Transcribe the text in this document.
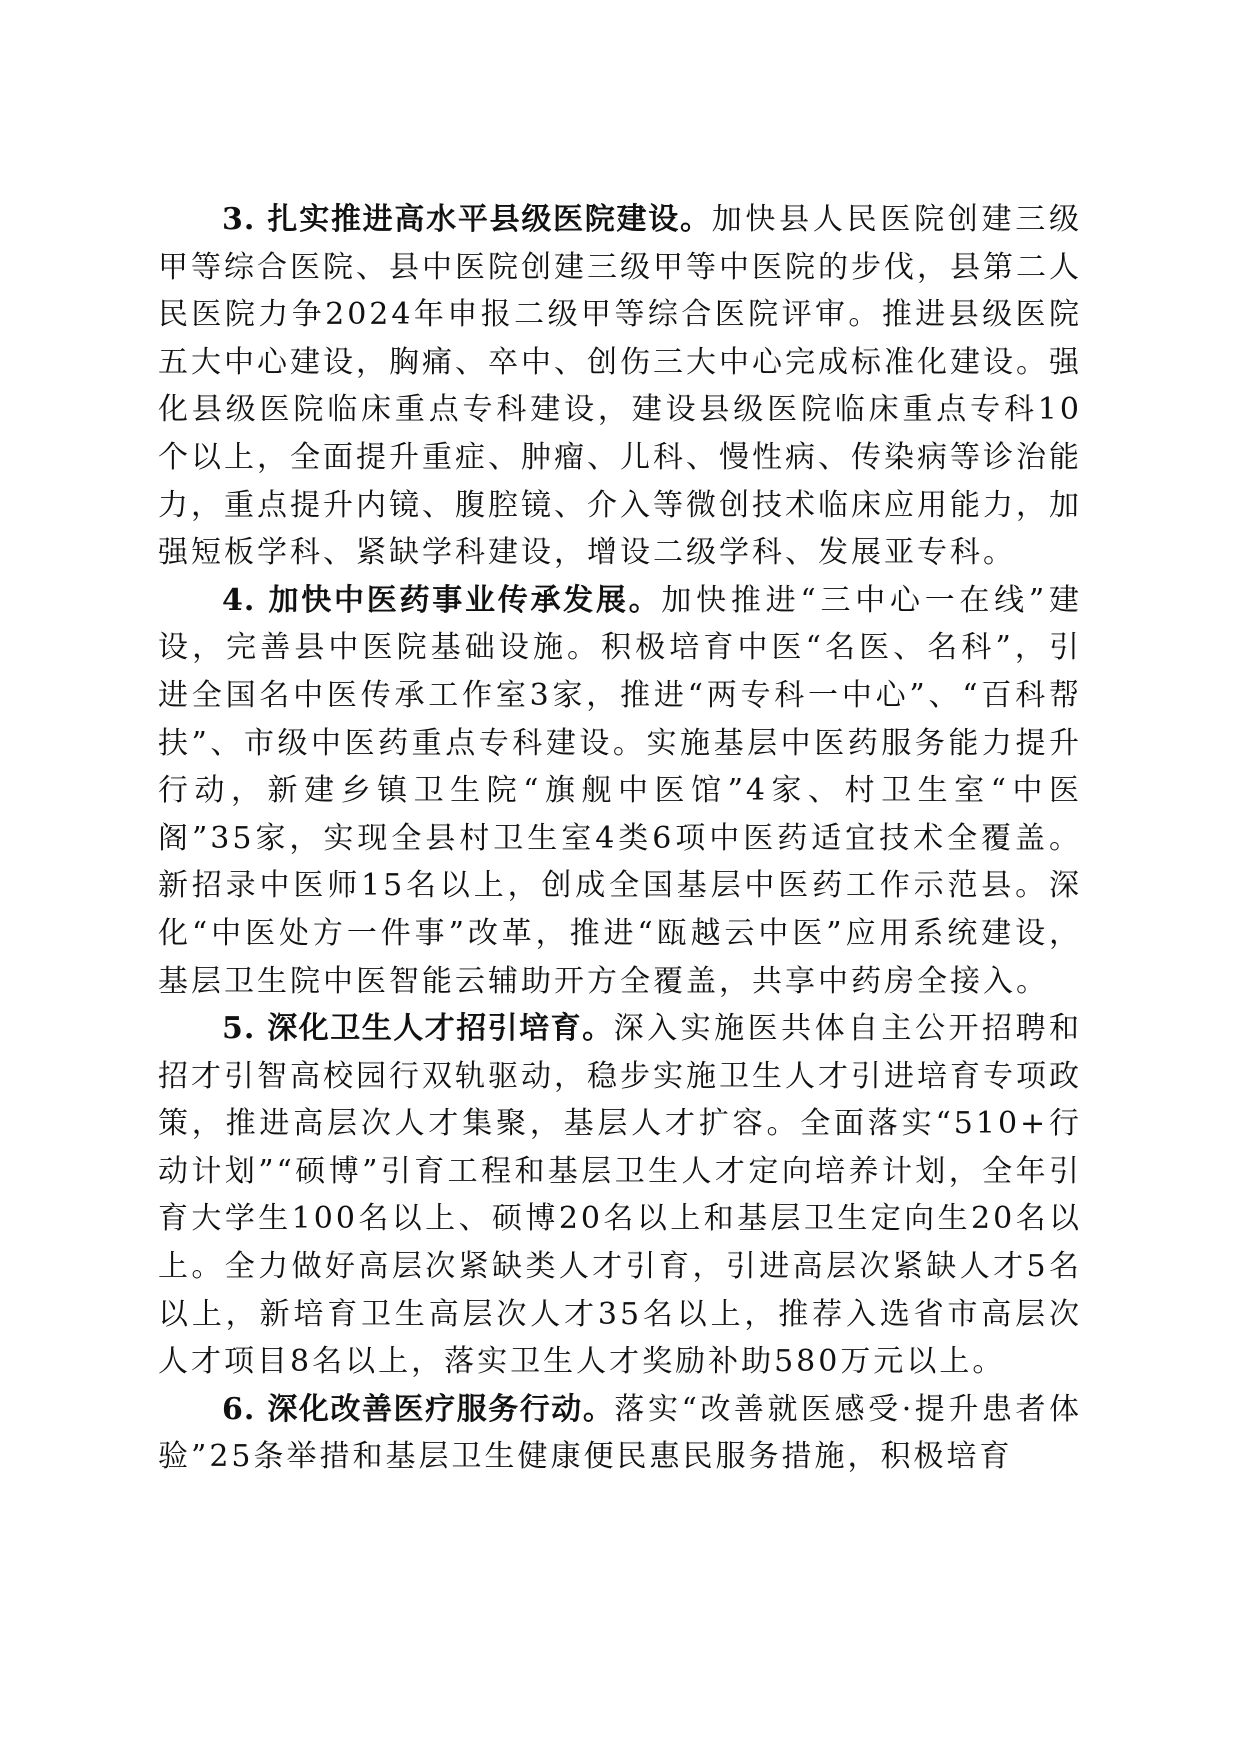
3. 扎实推进高水平县级医院建设。加快县人民医院创建三级甲等综合医院、县中医院创建三级甲等中医院的步伐，县第二人民医院力争2024年申报二级甲等综合医院评审。推进县级医院五大中心建设，胸痛、卒中、创伤三大中心完成标准化建设。强化县级医院临床重点专科建设，建设县级医院临床重点专科10个以上，全面提升重症、肿瘤、儿科、慢性病、传染病等诊治能力，重点提升内镜、腹腔镜、介入等微创技术临床应用能力，加强短板学科、紧缺学科建设，增设二级学科、发展亚专科。

4. 加快中医药事业传承发展。加快推进“三中心一在线”建设，完善县中医院基础设施。积极培育中医“名医、名科”，引进全国名中医传承工作室3家，推进“两专科一中心”、“百科帮扶”、市级中医药重点专科建设。实施基层中医药服务能力提升行动，新建乡镇卫生院“旗舰中医馆”4家、村卫生室“中医阁”35家，实现全县村卫生室4类6项中医药适宜技术全覆盖。新招录中医师15名以上，创成全国基层中医药工作示范县。深化“中医处方一件事”改革，推进“瓯越云中医”应用系统建设，基层卫生院中医智能云辅助开方全覆盖，共享中药房全接入。

5. 深化卫生人才招引培育。深入实施医共体自主公开招聘和招才引智高校园行双轨驱动，稳步实施卫生人才引进培育专项政策，推进高层次人才集聚，基层人才扩容。全面落实“510+行动计划”“硕博”引育工程和基层卫生人才定向培养计划，全年引育大学生100名以上、硕博20名以上和基层卫生定向生20名以上。全力做好高层次紧缺类人才引育，引进高层次紧缺人才5名以上，新培育卫生高层次人才35名以上，推荐入选省市高层次人才项目8名以上，落实卫生人才奖励补助580万元以上。

6. 深化改善医疗服务行动。落实“改善就医感受·提升患者体验”25条举措和基层卫生健康便民惠民服务措施，积极培育
